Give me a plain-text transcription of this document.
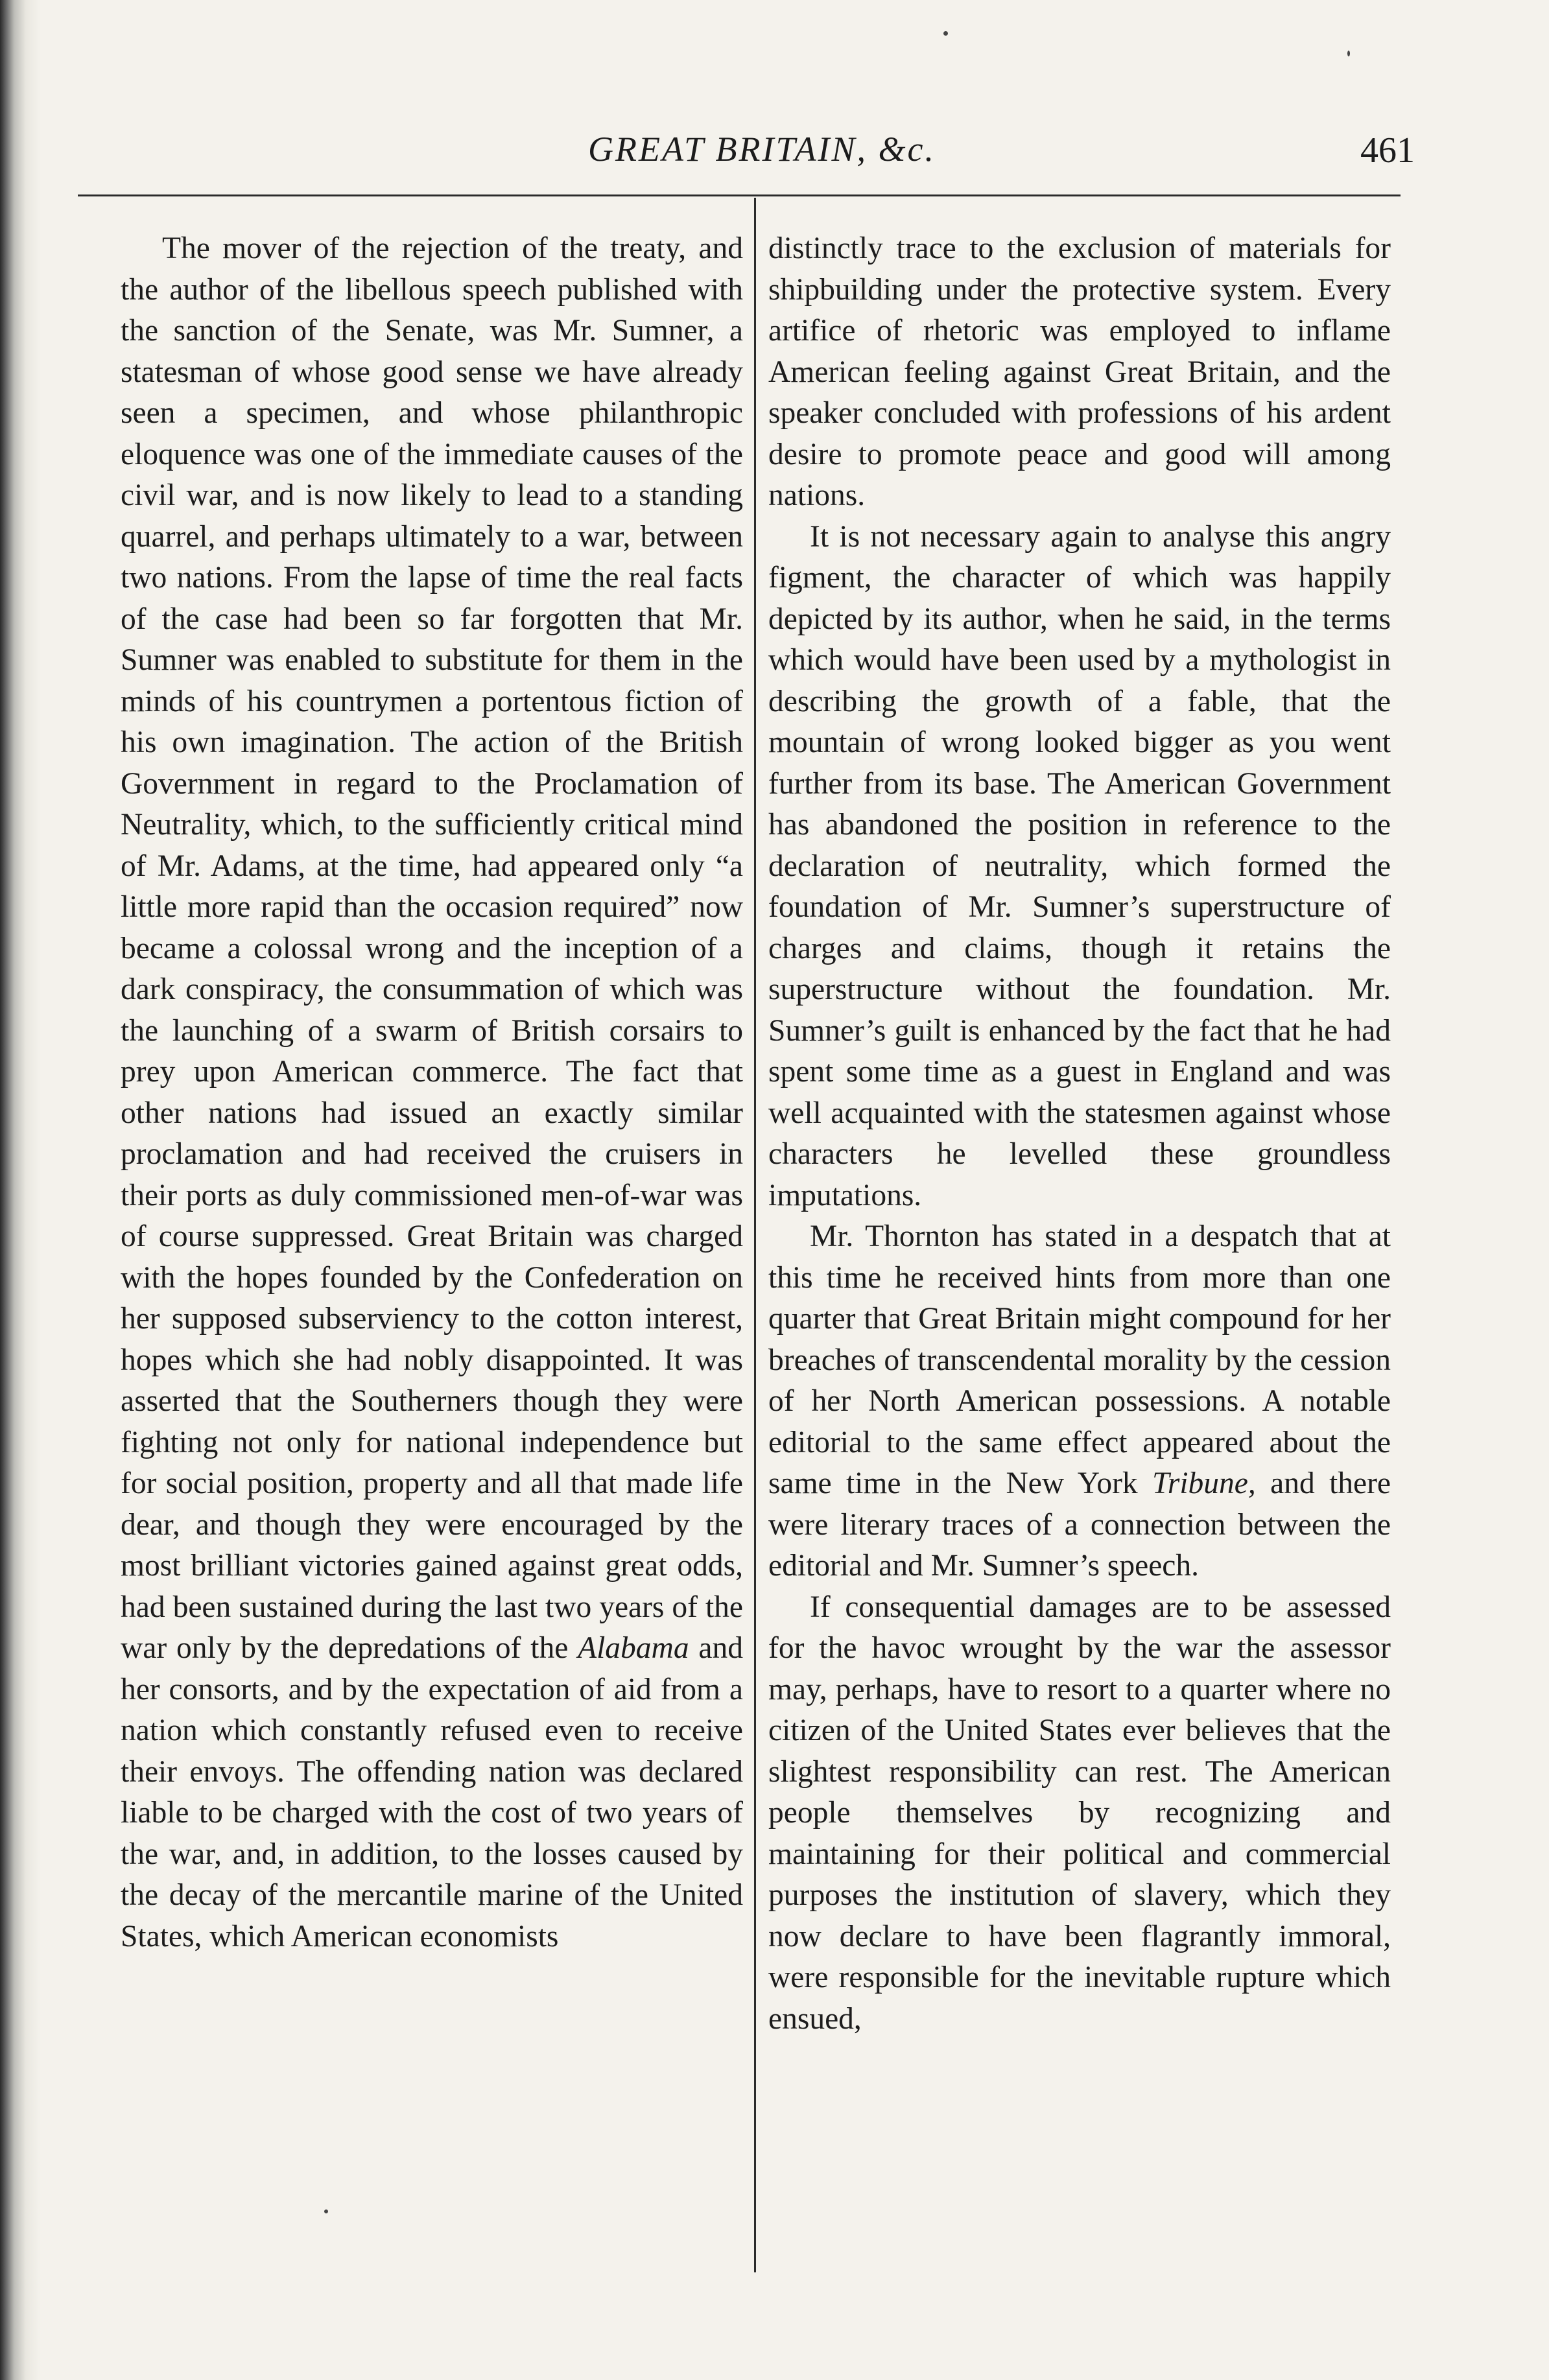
GREAT BRITAIN, &c.	461

The mover of the rejection of the treaty, and the author of the libellous speech published with the sanction of the Senate, was Mr. Sumner, a statesman of whose good sense we have already seen a specimen, and whose philanthropic eloquence was one of the immediate causes of the civil war, and is now likely to lead to a standing quarrel, and perhaps ultimately to a war, between two nations. From the lapse of time the real facts of the case had been so far forgotten that Mr. Sumner was enabled to substitute for them in the minds of his countrymen a portentous fiction of his own imagination. The action of the British Government in regard to the Proclamation of Neutrality, which, to the sufficiently critical mind of Mr. Adams, at the time, had appeared only “a little more rapid than the occasion required” now became a colossal wrong and the inception of a dark conspiracy, the consummation of which was the launching of a swarm of British corsairs to prey upon American commerce. The fact that other nations had issued an exactly similar proclamation and had received the cruisers in their ports as duly commissioned men-of-war was of course suppressed. Great Britain was charged with the hopes founded by the Confederation on her supposed subserviency to the cotton interest, hopes which she had nobly disappointed. It was asserted that the Southerners though they were fighting not only for national independence but for social position, property and all that made life dear, and though they were encouraged by the most brilliant victories gained against great odds, had been sustained during the last two years of the war only by the depredations of the Alabama and her consorts, and by the expectation of aid from a nation which constantly refused even to receive their envoys. The offending nation was declared liable to be charged with the cost of two years of the war, and, in addition, to the losses caused by the decay of the mercantile marine of the United States, which American economists

distinctly trace to the exclusion of materials for shipbuilding under the protective system. Every artifice of rhetoric was employed to inflame American feeling against Great Britain, and the speaker concluded with professions of his ardent desire to promote peace and good will among nations.

It is not necessary again to analyse this angry figment, the character of which was happily depicted by its author, when he said, in the terms which would have been used by a mythologist in describing the growth of a fable, that the mountain of wrong looked bigger as you went further from its base. The American Government has abandoned the position in reference to the declaration of neutrality, which formed the foundation of Mr. Sumner’s superstructure of charges and claims, though it retains the superstructure without the foundation. Mr. Sumner’s guilt is enhanced by the fact that he had spent some time as a guest in England and was well acquainted with the statesmen against whose characters he levelled these groundless imputations.

Mr. Thornton has stated in a despatch that at this time he received hints from more than one quarter that Great Britain might compound for her breaches of transcendental morality by the cession of her North American possessions. A notable editorial to the same effect appeared about the same time in the New York Tribune, and there were literary traces of a connection between the editorial and Mr. Sumner’s speech.

If consequential damages are to be assessed for the havoc wrought by the war the assessor may, perhaps, have to resort to a quarter where no citizen of the United States ever believes that the slightest responsibility can rest. The American people themselves by recognizing and maintaining for their political and commercial purposes the institution of slavery, which they now declare to have been flagrantly immoral, were responsible for the inevitable rupture which ensued,
